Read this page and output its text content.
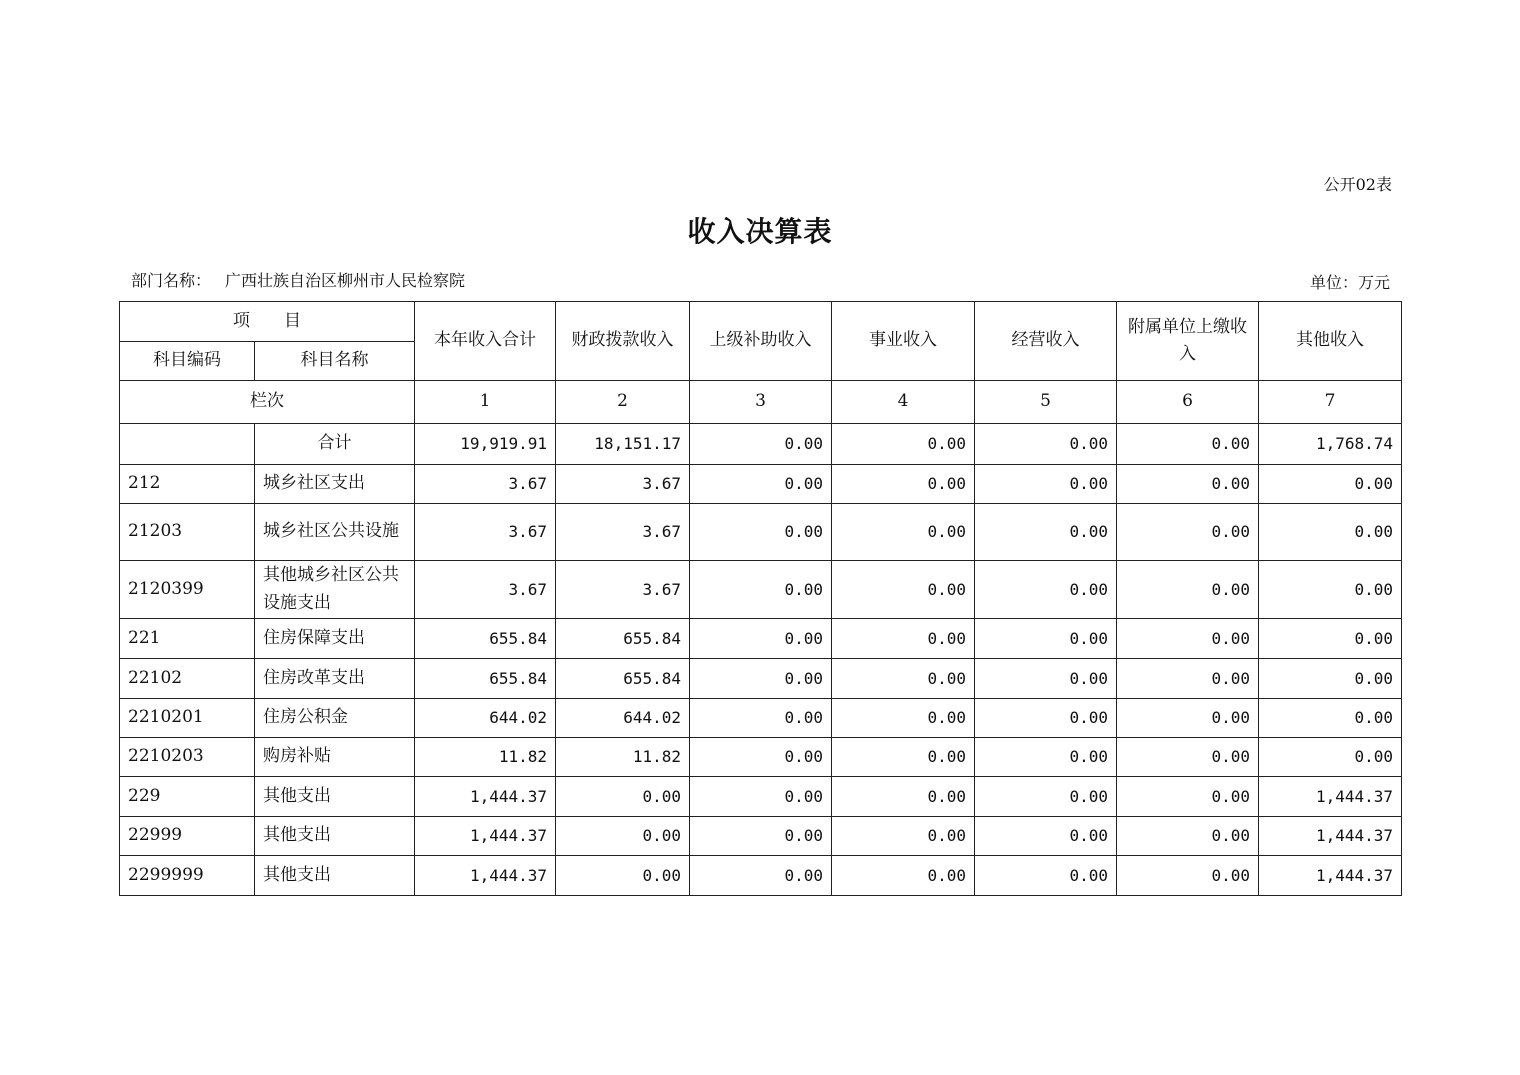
公开02表
收入决算表
部门名称： 广西壮族自治区柳州市人民检察院	单位：万元
项　　目		本年收入合计	财政拨款收入	上级补助收入	事业收入	经营收入	附属单位上缴收入	其他收入
科目编码	科目名称							
栏次		1	2	3	4	5	6	7
	合计	19,919.91	18,151.17	0.00	0.00	0.00	0.00	1,768.74
212	城乡社区支出	3.67	3.67	0.00	0.00	0.00	0.00	0.00
21203	城乡社区公共设施	3.67	3.67	0.00	0.00	0.00	0.00	0.00
2120399	其他城乡社区公共设施支出	3.67	3.67	0.00	0.00	0.00	0.00	0.00
221	住房保障支出	655.84	655.84	0.00	0.00	0.00	0.00	0.00
22102	住房改革支出	655.84	655.84	0.00	0.00	0.00	0.00	0.00
2210201	住房公积金	644.02	644.02	0.00	0.00	0.00	0.00	0.00
2210203	购房补贴	11.82	11.82	0.00	0.00	0.00	0.00	0.00
229	其他支出	1,444.37	0.00	0.00	0.00	0.00	0.00	1,444.37
22999	其他支出	1,444.37	0.00	0.00	0.00	0.00	0.00	1,444.37
2299999	其他支出	1,444.37	0.00	0.00	0.00	0.00	0.00	1,444.37
